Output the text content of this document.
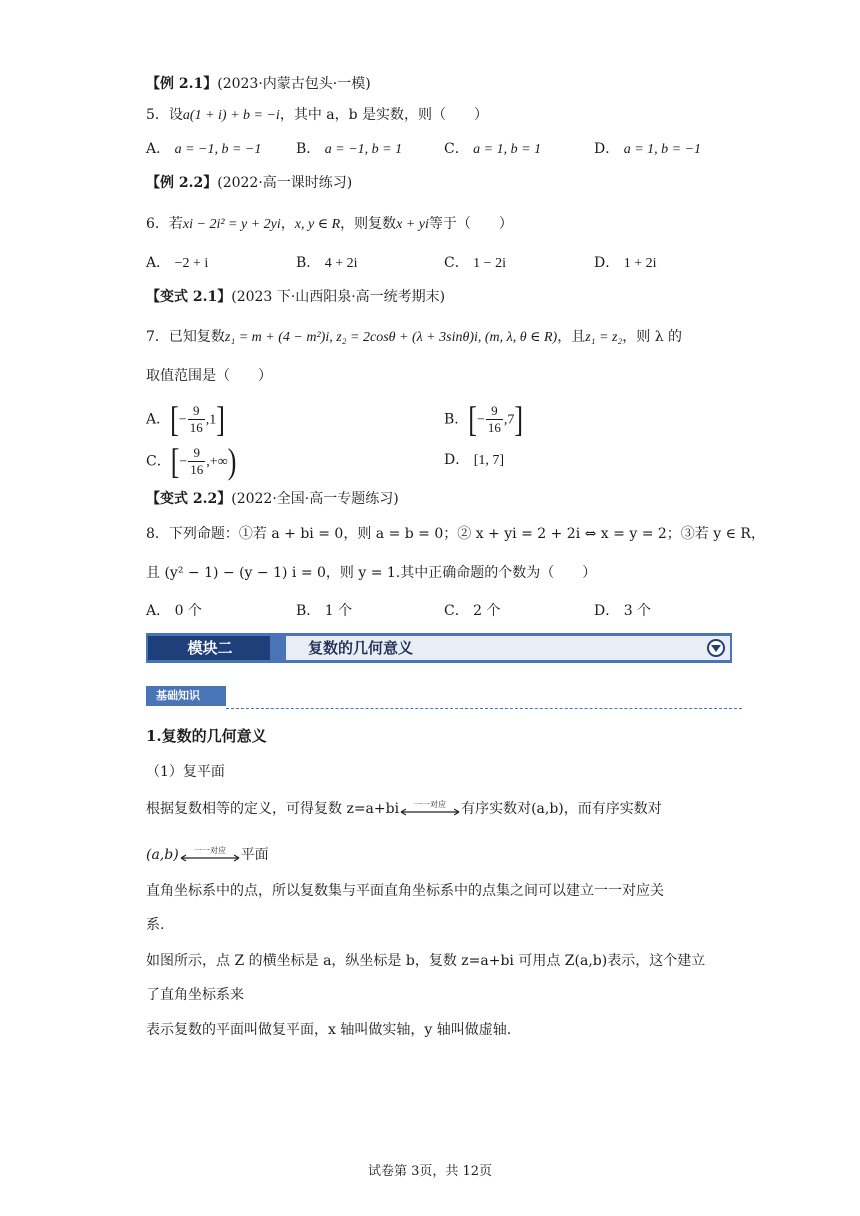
【例 2.1】(2023·内蒙古包头·一模)
5．设a(1 + i) + b = −i，其中 a，b 是实数，则（　　）
A． a = −1, b = −1 B． a = −1, b = 1	C． a = 1, b = 1	D． a = 1, b = −1
【例 2.2】(2022·高一课时练习)
6．若xi − 2i² = y + 2yi，x, y ∈ R，则复数x + yi等于（　　）
A． −2 + i	B． 4 + 2i	C． 1 − 2i	D． 1 + 2i
【变式 2.1】(2023 下·山西阳泉·高一统考期末)
7．已知复数z₁ = m + (4 − m²)i, z₂ = 2cosθ + (λ + 3sinθ)i, (m, λ, θ ∈ R)，且z₁ = z₂，则 λ 的
取值范围是（　　）
A．[− $\frac{9}{16} ,1$]	B．[− $\frac{9}{16} ,7$]
C．[− $\frac{9}{16}$ ,+∞)	D． [1, 7]
【变式 2.2】(2022·全国·高一专题练习)
8．下列命题：①若 a + bi = 0，则 a = b = 0；② x + yi = 2 + 2i ⇔ x = y = 2；③若 y ∈ R，
且 (y² − 1) − (y − 1) i = 0，则 y = 1.其中正确命题的个数为（　　）
A． 0 个	B． 1 个	C． 2 个	D． 3 个
模块二	复数的几何意义
基础知识
1.复数的几何意义
（1）复平面
根据复数相等的定义，可得复数 z=a+bi 一一对应 有序实数对(a,b)，而有序实数对
(a,b) 一一对应 平面
直角坐标系中的点，所以复数集与平面直角坐标系中的点集之间可以建立一一对应关
系.
如图所示，点 Z 的横坐标是 a，纵坐标是 b，复数 z=a+bi 可用点 Z(a,b)表示，这个建立
了直角坐标系来
表示复数的平面叫做复平面，x 轴叫做实轴，y 轴叫做虚轴.
试卷第 3页，共 12页
